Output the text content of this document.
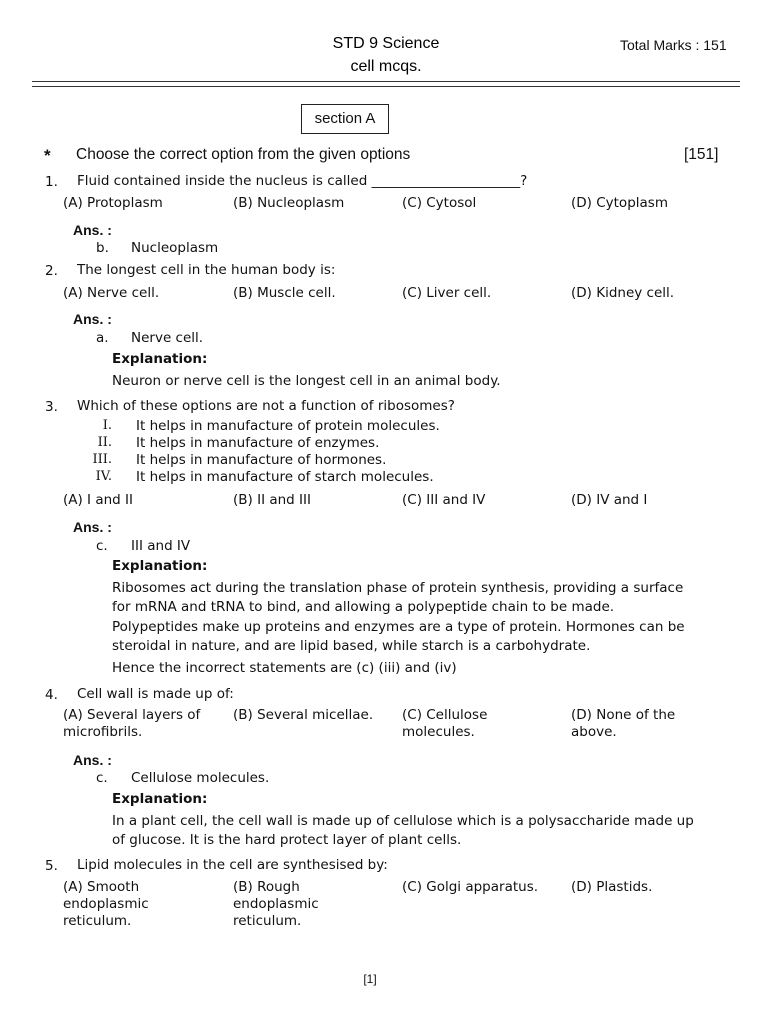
STD 9 Science
cell mcqs.
Total Marks : 151
section A
* Choose the correct option from the given options	[151]
1. Fluid contained inside the nucleus is called ______________________?
(A) Protoplasm	(B) Nucleoplasm	(C) Cytosol	(D) Cytoplasm
Ans. :
b. Nucleoplasm
2. The longest cell in the human body is:
(A) Nerve cell.	(B) Muscle cell.	(C) Liver cell.	(D) Kidney cell.
Ans. :
a. Nerve cell.
Explanation:
Neuron or nerve cell is the longest cell in an animal body.
3. Which of these options are not a function of ribosomes?
I. It helps in manufacture of protein molecules.
II. It helps in manufacture of enzymes.
III. It helps in manufacture of hormones.
IV. It helps in manufacture of starch molecules.
(A) I and II	(B) II and III	(C) III and IV	(D) IV and I
Ans. :
c. III and IV
Explanation:
Ribosomes act during the translation phase of protein synthesis, providing a surface for mRNA and tRNA to bind, and allowing a polypeptide chain to be made.
Polypeptides make up proteins and enzymes are a type of protein. Hormones can be steroidal in nature, and are lipid based, while starch is a carbohydrate.
Hence the incorrect statements are (c) (iii) and (iv)
4. Cell wall is made up of:
(A) Several layers of microfibrils.
(B) Several micellae.	(C) Cellulose molecules.
(D) None of the above.
Ans. :
c. Cellulose molecules.
Explanation:
In a plant cell, the cell wall is made up of cellulose which is a polysaccharide made up of glucose. It is the hard protect layer of plant cells.
5. Lipid molecules in the cell are synthesised by:
(A) Smooth endoplasmic reticulum.
(B) Rough endoplasmic reticulum.
(C) Golgi apparatus.	(D) Plastids.
[1]
